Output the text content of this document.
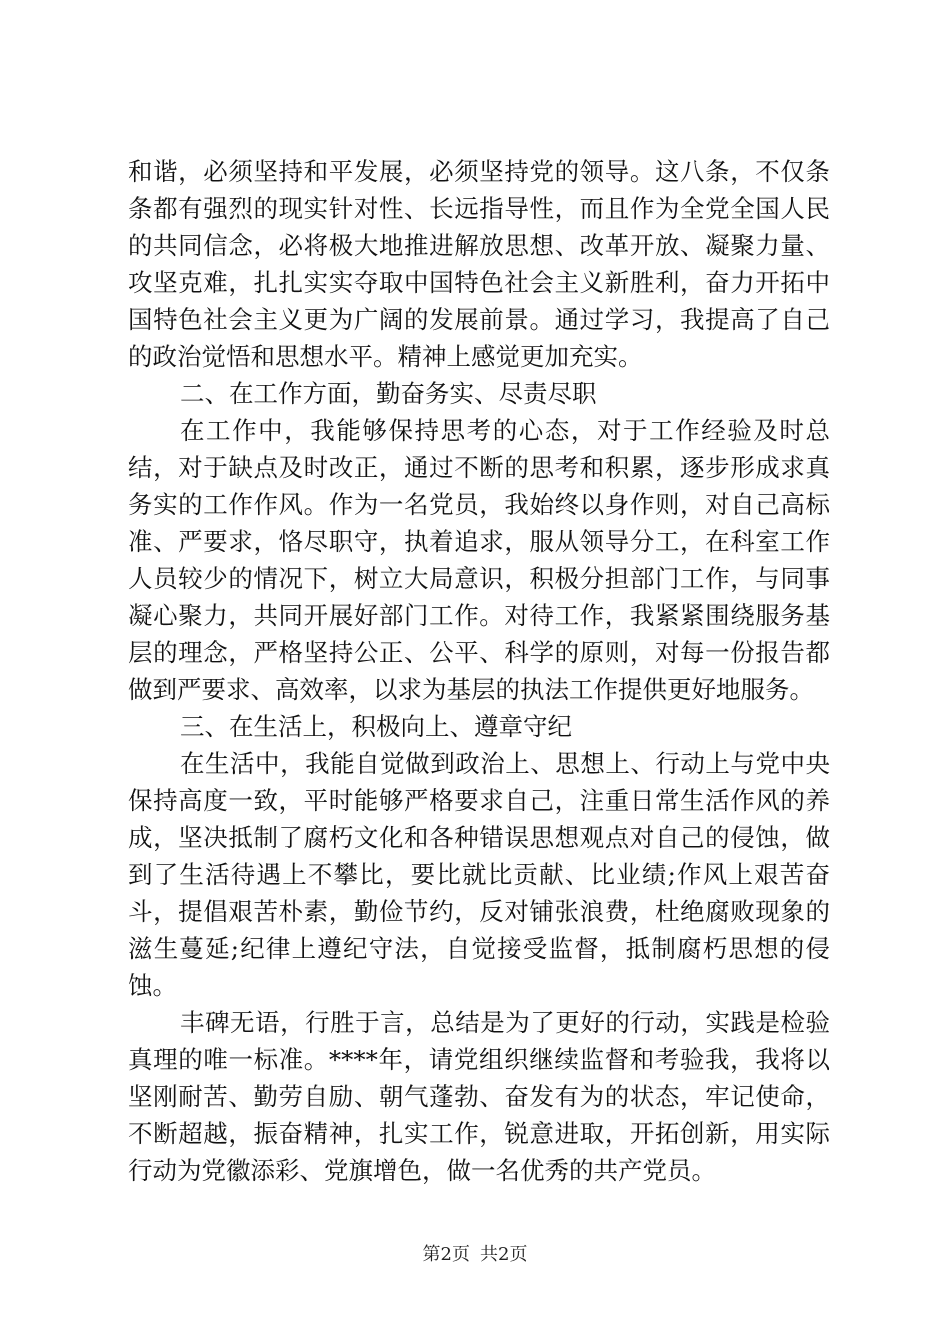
和谐，必须坚持和平发展，必须坚持党的领导。这八条，不仅条条都有强烈的现实针对性、长远指导性，而且作为全党全国人民的共同信念，必将极大地推进解放思想、改革开放、凝聚力量、攻坚克难，扎扎实实夺取中国特色社会主义新胜利，奋力开拓中国特色社会主义更为广阔的发展前景。通过学习，我提高了自己的政治觉悟和思想水平。精神上感觉更加充实。

二、在工作方面，勤奋务实、尽责尽职

在工作中，我能够保持思考的心态，对于工作经验及时总结，对于缺点及时改正，通过不断的思考和积累，逐步形成求真务实的工作作风。作为一名党员，我始终以身作则，对自己高标准、严要求，恪尽职守，执着追求，服从领导分工，在科室工作人员较少的情况下，树立大局意识，积极分担部门工作，与同事凝心聚力，共同开展好部门工作。对待工作，我紧紧围绕服务基层的理念，严格坚持公正、公平、科学的原则，对每一份报告都做到严要求、高效率，以求为基层的执法工作提供更好地服务。

三、在生活上，积极向上、遵章守纪

在生活中，我能自觉做到政治上、思想上、行动上与党中央保持高度一致，平时能够严格要求自己，注重日常生活作风的养成，坚决抵制了腐朽文化和各种错误思想观点对自己的侵蚀，做到了生活待遇上不攀比，要比就比贡献、比业绩;作风上艰苦奋斗，提倡艰苦朴素，勤俭节约，反对铺张浪费，杜绝腐败现象的滋生蔓延;纪律上遵纪守法，自觉接受监督，抵制腐朽思想的侵蚀。

丰碑无语，行胜于言，总结是为了更好的行动，实践是检验真理的唯一标准。****年，请党组织继续监督和考验我，我将以坚刚耐苦、勤劳自励、朝气蓬勃、奋发有为的状态，牢记使命，不断超越，振奋精神，扎实工作，锐意进取，开拓创新，用实际行动为党徽添彩、党旗增色，做一名优秀的共产党员。

第2页 共2页
